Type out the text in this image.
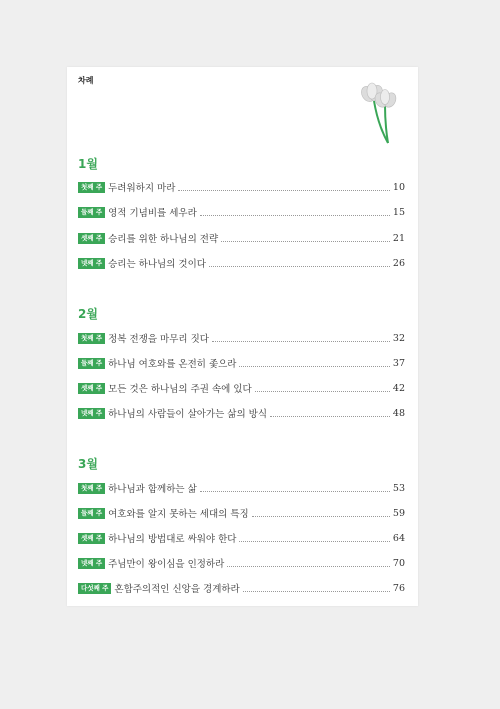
차례
1월
첫째 주 두려워하지 마라	10
둘째 주 영적 기념비를 세우라	15
셋째 주 승리를 위한 하나님의 전략	21
넷째 주 승리는 하나님의 것이다	26
2월
첫째 주 정복 전쟁을 마무리 짓다	32
둘째 주 하나님 여호와를 온전히 좇으라	37
셋째 주 모든 것은 하나님의 주권 속에 있다	42
넷째 주 하나님의 사람들이 살아가는 삶의 방식	48
3월
첫째 주 하나님과 함께하는 삶	53
둘째 주 여호와를 알지 못하는 세대의 특징	59
셋째 주 하나님의 방법대로 싸워야 한다	64
넷째 주 주님만이 왕이심을 인정하라	70
다섯째 주 혼합주의적인 신앙을 경계하라	76
